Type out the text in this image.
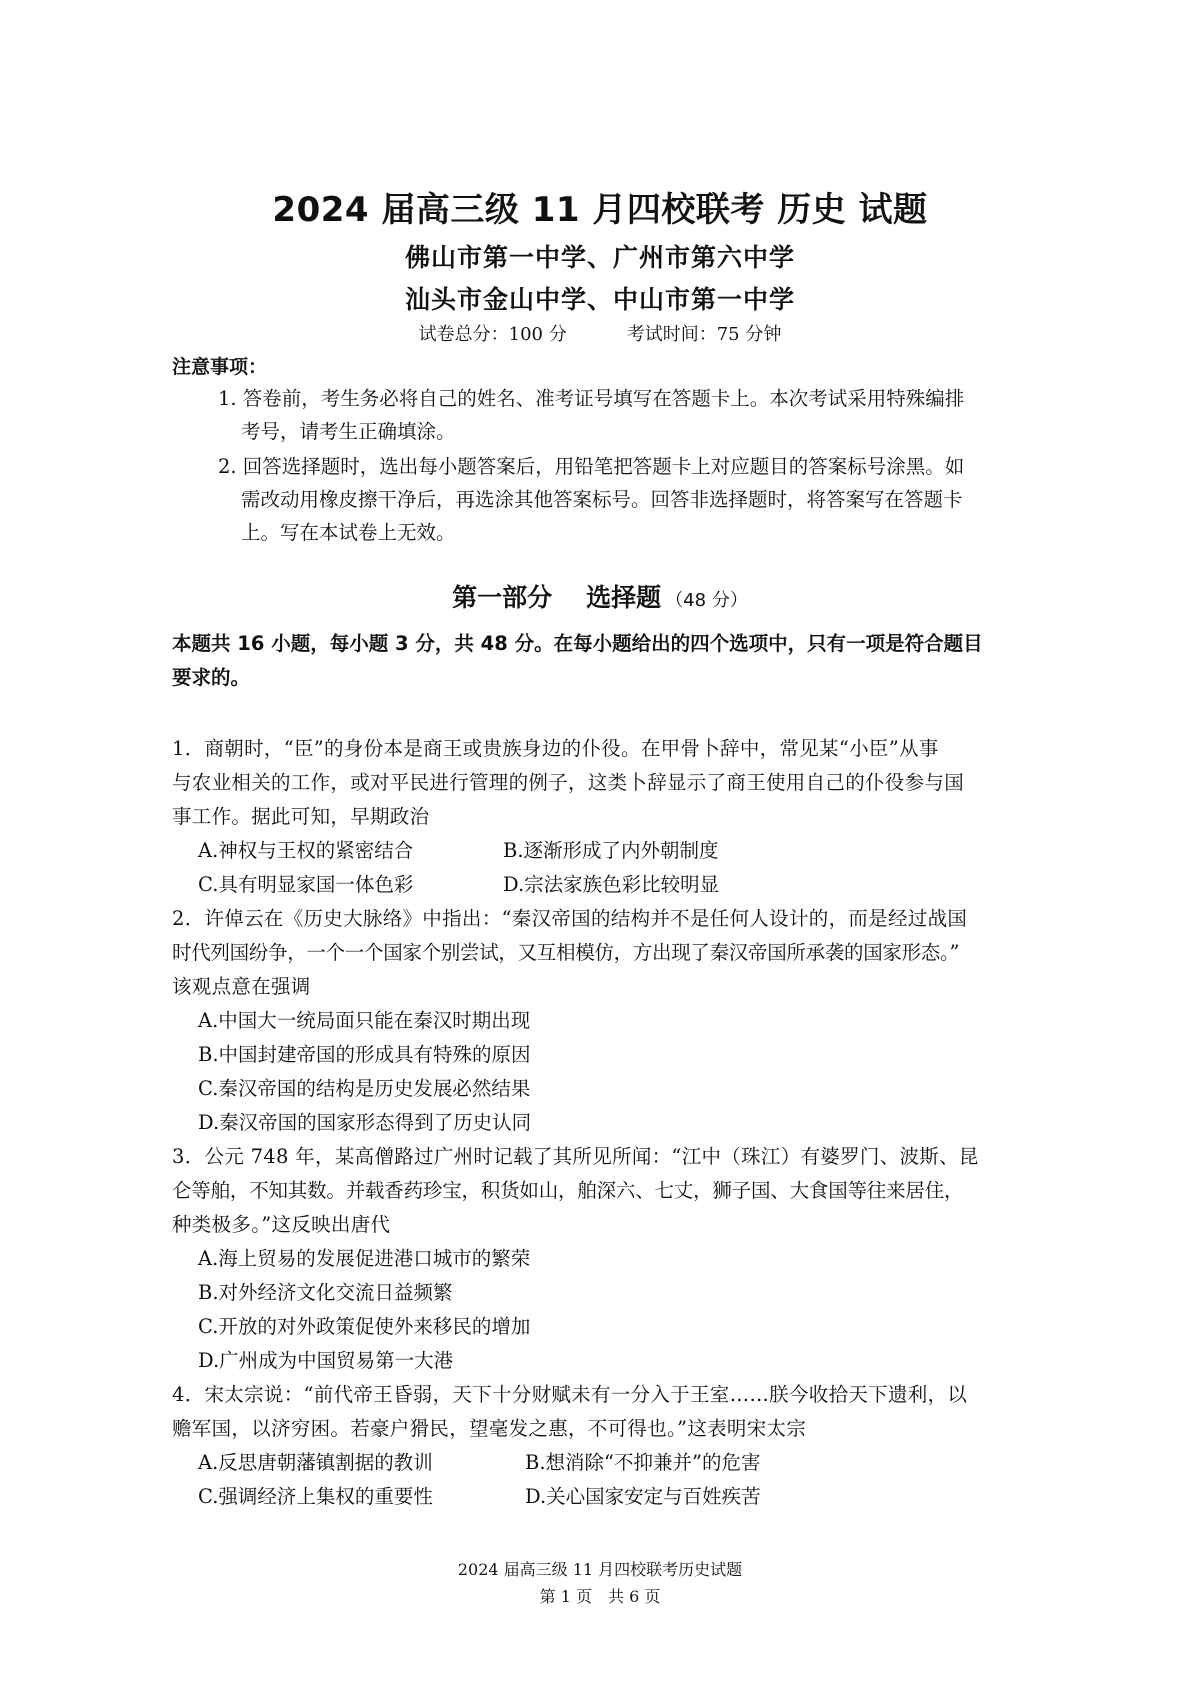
2024 届高三级 11 月四校联考 历史 试题
佛山市第一中学、广州市第六中学
汕头市金山中学、中山市第一中学
试卷总分：100 分	考试时间：75 分钟
注意事项：
1. 答卷前，考生务必将自己的姓名、准考证号填写在答题卡上。本次考试采用特殊编排
考号，请考生正确填涂。
2. 回答选择题时，选出每小题答案后，用铅笔把答题卡上对应题目的答案标号涂黑。如
需改动用橡皮擦干净后，再选涂其他答案标号。回答非选择题时，将答案写在答题卡
上。写在本试卷上无效。
第一部分 选择题 （48 分）
本题共 16 小题，每小题 3 分，共 48 分。在每小题给出的四个选项中，只有一项是符合题目
要求的。
1．商朝时，“臣”的身份本是商王或贵族身边的仆役。在甲骨卜辞中，常见某“小臣”从事
与农业相关的工作，或对平民进行管理的例子，这类卜辞显示了商王使用自己的仆役参与国
事工作。据此可知，早期政治
A.神权与王权的紧密结合	B.逐渐形成了内外朝制度
C.具有明显家国一体色彩	D.宗法家族色彩比较明显
2．许倬云在《历史大脉络》中指出：“秦汉帝国的结构并不是任何人设计的，而是经过战国
时代列国纷争，一个一个国家个别尝试，又互相模仿，方出现了秦汉帝国所承袭的国家形态。”
该观点意在强调
A.中国大一统局面只能在秦汉时期出现
B.中国封建帝国的形成具有特殊的原因
C.秦汉帝国的结构是历史发展必然结果
D.秦汉帝国的国家形态得到了历史认同
3．公元 748 年，某高僧路过广州时记载了其所见所闻：“江中（珠江）有婆罗门、波斯、昆
仑等舶，不知其数。并载香药珍宝，积货如山，舶深六、七丈，狮子国、大食国等往来居住，
种类极多。”这反映出唐代
A.海上贸易的发展促进港口城市的繁荣
B.对外经济文化交流日益频繁
C.开放的对外政策促使外来移民的增加
D.广州成为中国贸易第一大港
4．宋太宗说：“前代帝王昏弱，天下十分财赋未有一分入于王室……朕今收拾天下遗利，以
赡军国，以济穷困。若豪户猾民，望毫发之惠，不可得也。”这表明宋太宗
A.反思唐朝藩镇割据的教训	B.想消除“不抑兼并”的危害
C.强调经济上集权的重要性	D.关心国家安定与百姓疾苦
2024 届高三级 11 月四校联考历史试题
第 1 页　共 6 页
